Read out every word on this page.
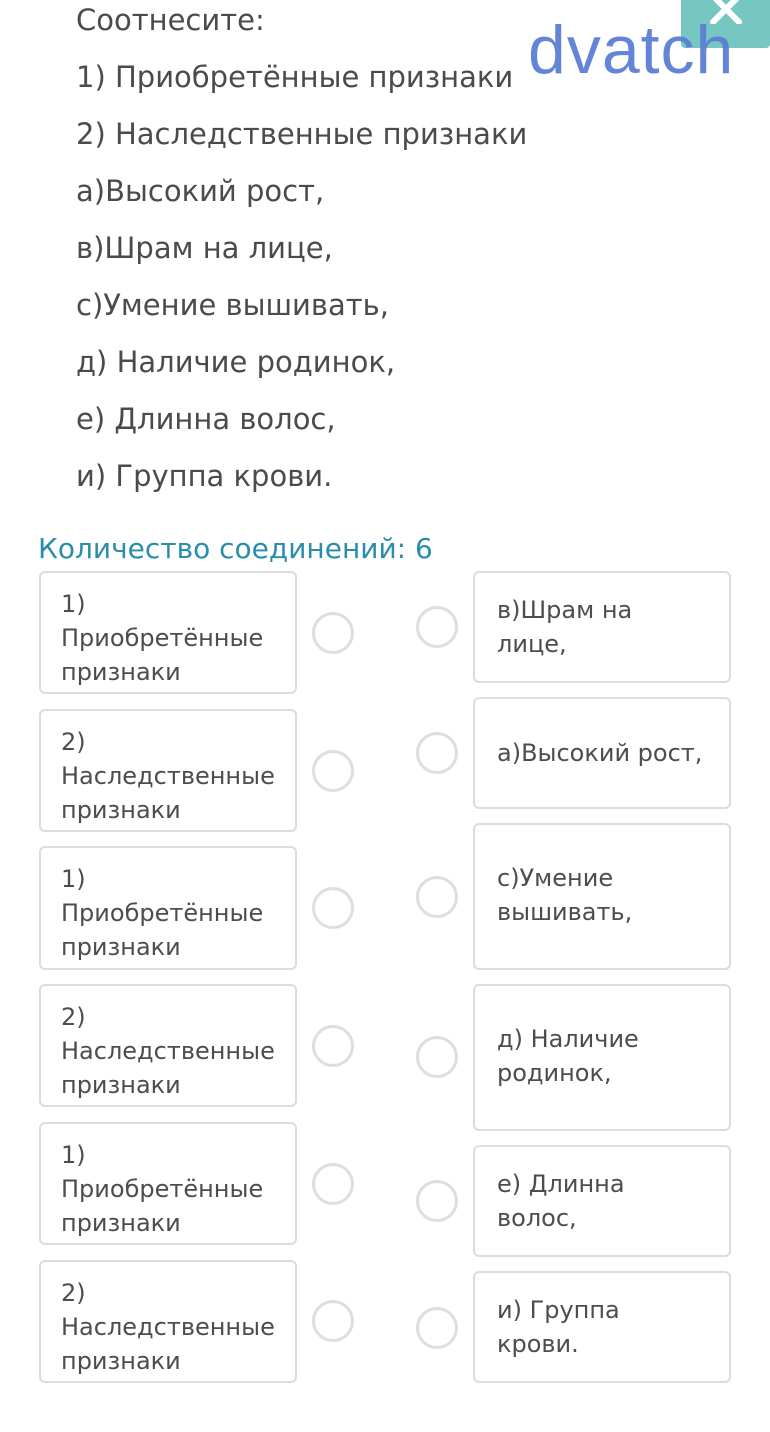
Соотнесите:
1) Приобретённые признаки
2) Наследственные признаки
а)Высокий рост,
в)Шрам на лице,
с)Умение вышивать,
д) Наличие родинок,
е) Длинна волос,
и) Группа крови.
dvatch
Количество соединений: 6
1)
Приобретённые
признаки
2)
Наследственные
признаки
1)
Приобретённые
признаки
2)
Наследственные
признаки
1)
Приобретённые
признаки
2)
Наследственные
признаки
в)Шрам на лице,
а)Высокий рост,
с)Умение
вышивать,
д) Наличие
родинок,
е) Длинна волос,
и) Группа крови.
